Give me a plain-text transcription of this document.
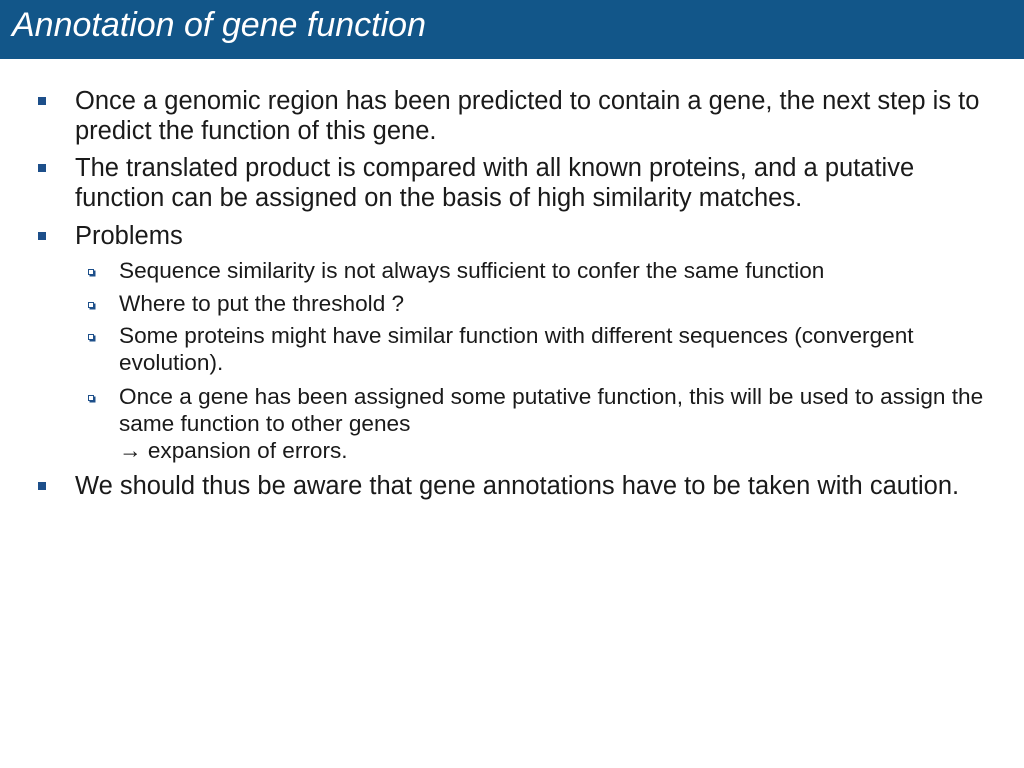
Annotation of gene function
Once a genomic region has been predicted to contain a gene, the next step is to
predict the function of this gene.
The translated product is compared with all known proteins, and a putative
function can be assigned on the basis of high similarity matches.
Problems
Sequence similarity is not always sufficient to confer the same function
Where to put the threshold ?
Some proteins might have similar function with different sequences (convergent
evolution).
Once a gene has been assigned some putative function, this will be used to assign the
same function to other genes
→ expansion of errors.
We should thus be aware that gene annotations have to be taken with caution.
